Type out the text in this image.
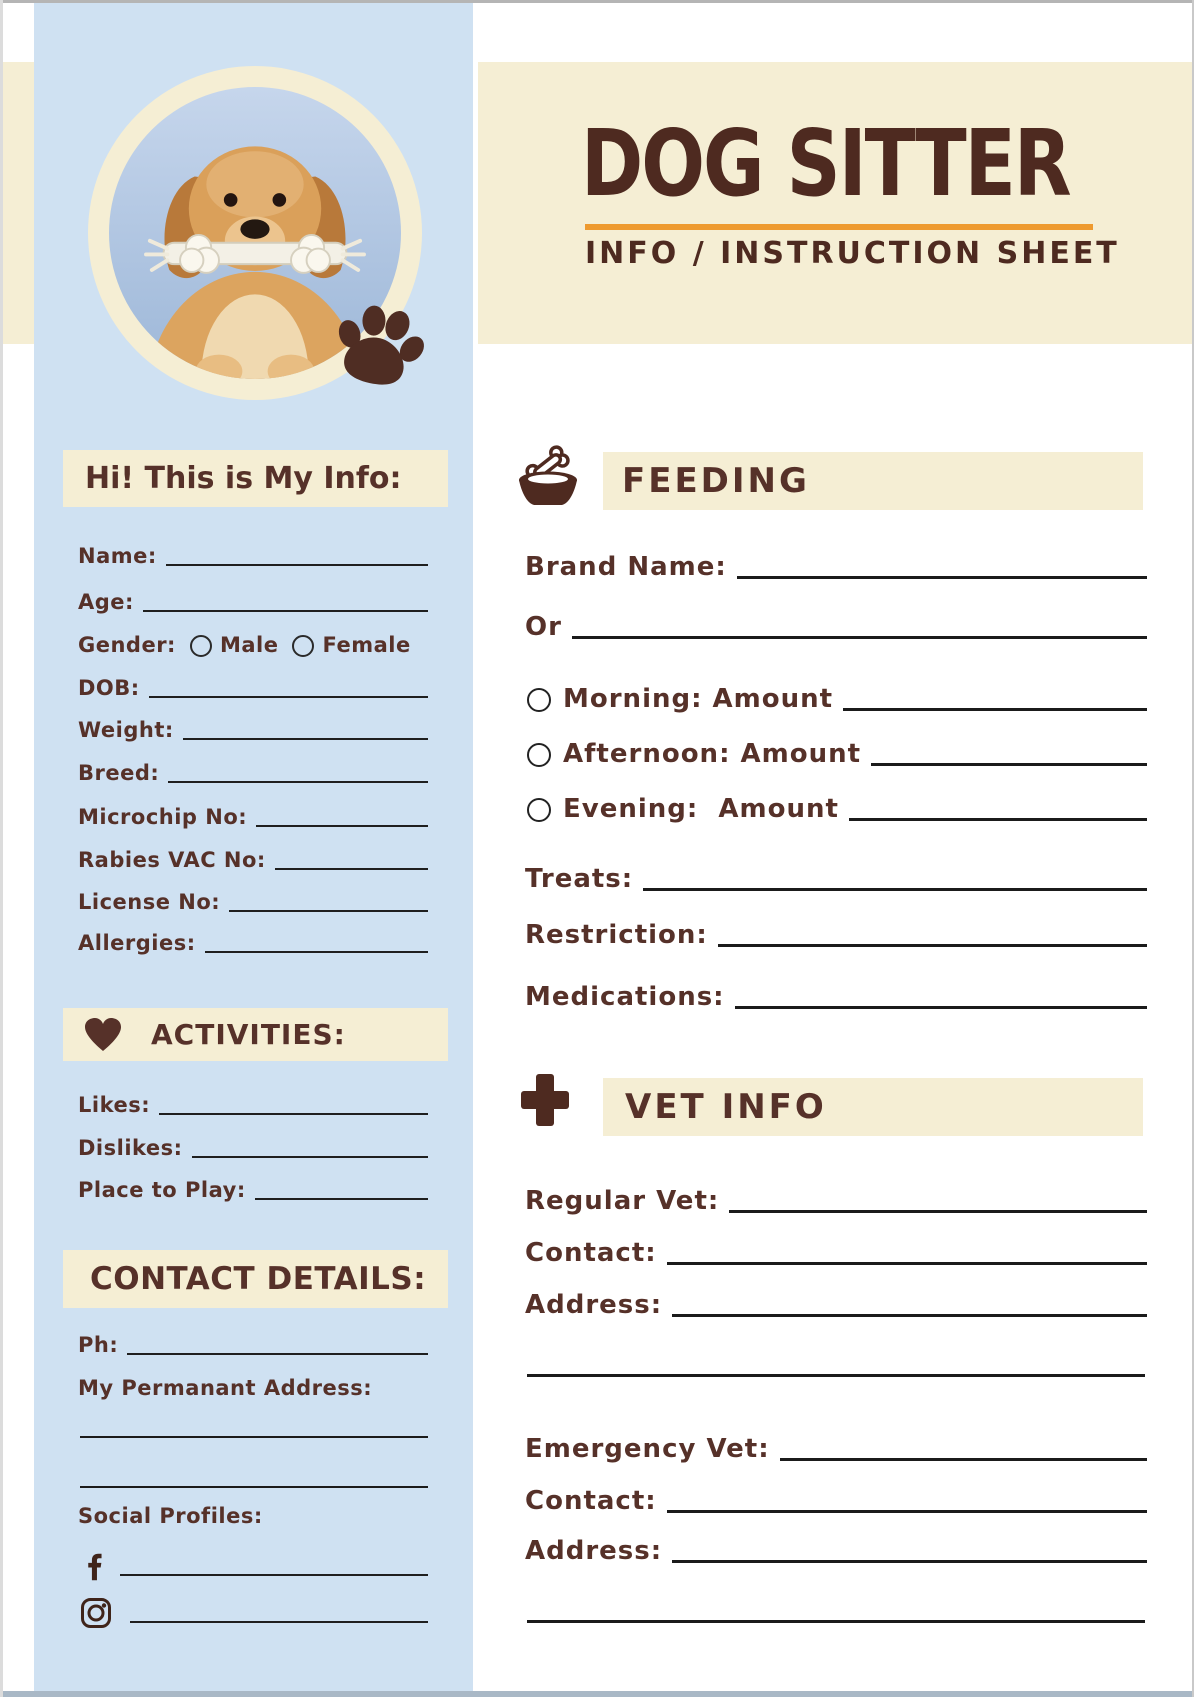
DOG SITTER
INFO / INSTRUCTION SHEET
Hi! This is My Info:
Name:
Age:
Gender: Male Female
DOB:
Weight:
Breed:
Microchip No:
Rabies VAC No:
License No:
Allergies:
ACTIVITIES:
Likes:
Dislikes:
Place to Play:
CONTACT DETAILS:
Ph:
My Permanant Address:
Social Profiles:
FEEDING
Brand Name:
Or
Morning: Amount
Afternoon: Amount
Evening:  Amount
Treats:
Restriction:
Medications:
VET INFO
Regular Vet:
Contact:
Address:
Emergency Vet:
Contact:
Address:
